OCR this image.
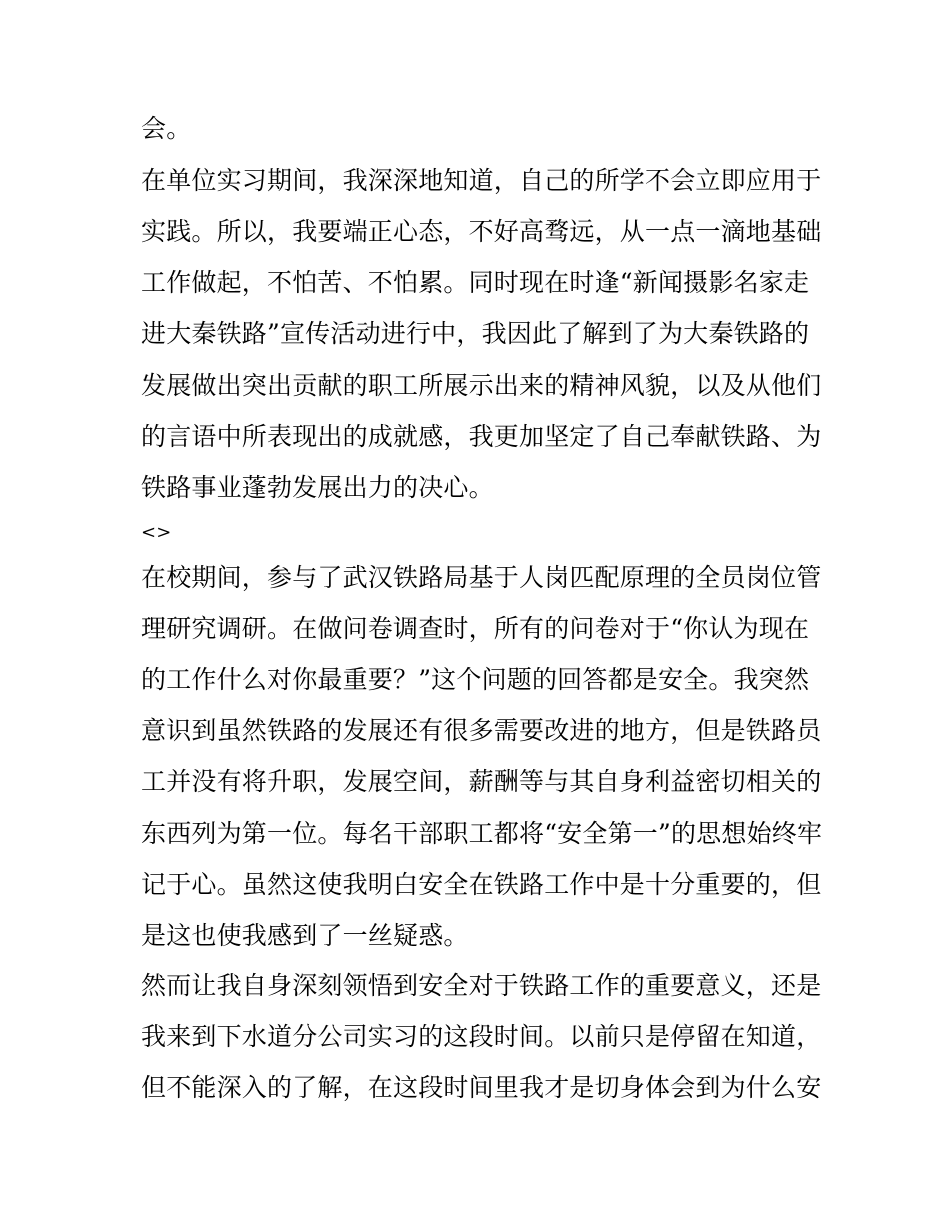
会。
在单位实习期间，我深深地知道，自己的所学不会立即应用于
实践。所以，我要端正心态，不好高骛远，从一点一滴地基础
工作做起，不怕苦、不怕累。同时现在时逢“新闻摄影名家走
进大秦铁路”宣传活动进行中，我因此了解到了为大秦铁路的
发展做出突出贡献的职工所展示出来的精神风貌，以及从他们
的言语中所表现出的成就感，我更加坚定了自己奉献铁路、为
铁路事业蓬勃发展出力的决心。
<>
在校期间，参与了武汉铁路局基于人岗匹配原理的全员岗位管
理研究调研。在做问卷调查时，所有的问卷对于“你认为现在
的工作什么对你最重要？”这个问题的回答都是安全。我突然
意识到虽然铁路的发展还有很多需要改进的地方，但是铁路员
工并没有将升职，发展空间，薪酬等与其自身利益密切相关的
东西列为第一位。每名干部职工都将“安全第一”的思想始终牢
记于心。虽然这使我明白安全在铁路工作中是十分重要的，但
是这也使我感到了一丝疑惑。
然而让我自身深刻领悟到安全对于铁路工作的重要意义，还是
我来到下水道分公司实习的这段时间。以前只是停留在知道，
但不能深入的了解，在这段时间里我才是切身体会到为什么安
